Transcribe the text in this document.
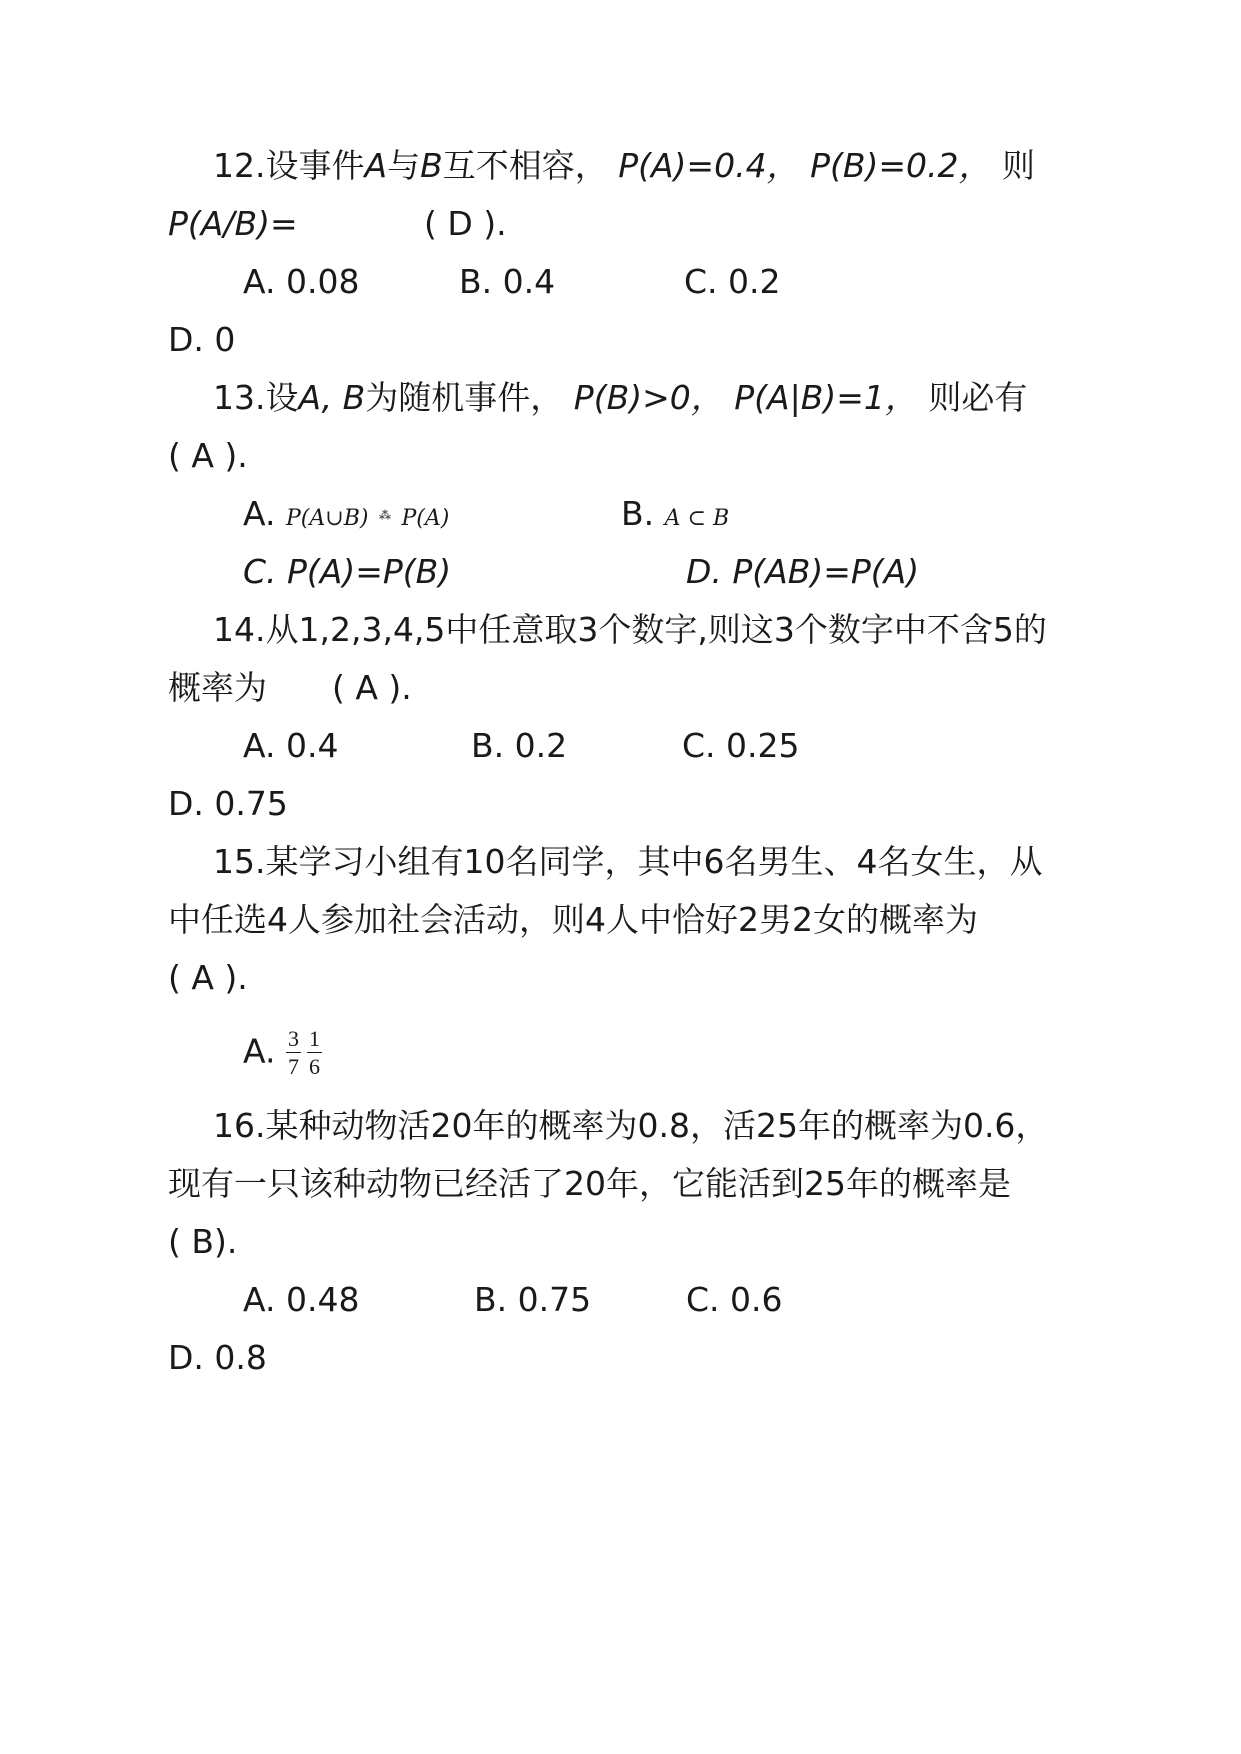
12.设事件A与B互不相容， P(A)=0.4， P(B)=0.2， 则
P(A/B)=	( D ).
A. 0.08	B. 0.4	C. 0.2
D. 0
13.设A, B为随机事件， P(B)>0， P(A|B)=1， 则必有
( A ).
A. P(A∪B) ⁂ P(A)	B. A ⊂ B
C. P(A)=P(B)	D. P(AB)=P(A)
14.从1,2,3,4,5中任意取3个数字,则这3个数字中不含5的
概率为 ( A ).
A. 0.4	B. 0.2	C. 0.25
D. 0.75
15.某学习小组有10名同学，其中6名男生、4名女生，从
中任选4人参加社会活动，则4人中恰好2男2女的概率为
( A ).
A. $\frac{3}{7} \frac{1}{6}$
16.某种动物活20年的概率为0.8，活25年的概率为0.6，
现有一只该种动物已经活了20年，它能活到25年的概率是
( B).
A. 0.48	B. 0.75	C. 0.6
D. 0.8
